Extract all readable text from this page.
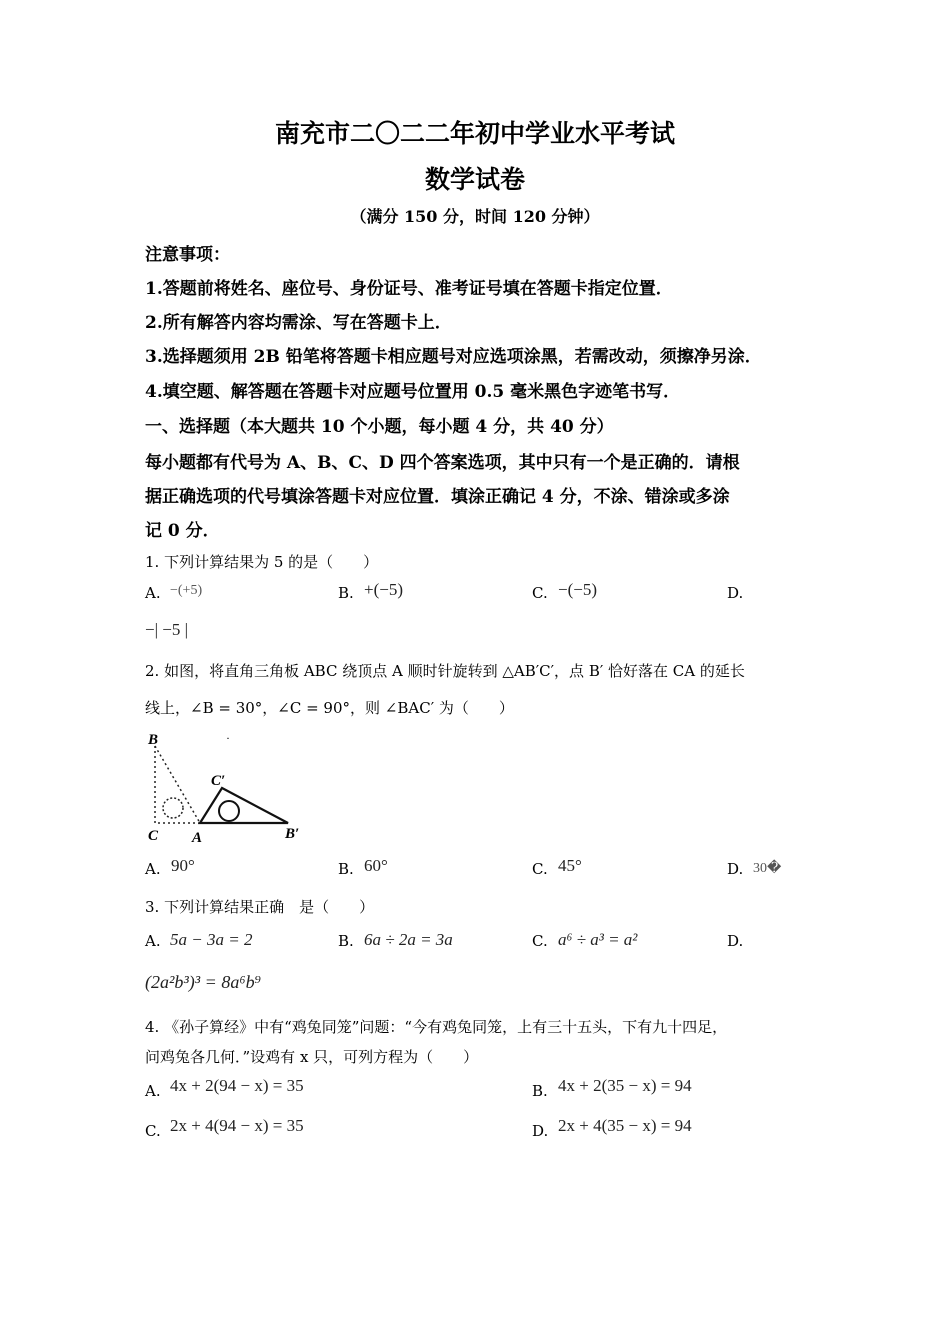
南充市二〇二二年初中学业水平考试
数学试卷
（满分 150 分，时间 120 分钟）
注意事项：
1.答题前将姓名、座位号、身份证号、准考证号填在答题卡指定位置．
2.所有解答内容均需涂、写在答题卡上．
3.选择题须用 2B 铅笔将答题卡相应题号对应选项涂黑，若需改动，须擦净另涂．
4.填空题、解答题在答题卡对应题号位置用 0.5 毫米黑色字迹笔书写．
一、选择题（本大题共 10 个小题，每小题 4 分，共 40 分）
每小题都有代号为 A、B、C、D 四个答案选项，其中只有一个是正确的．请根
据正确选项的代号填涂答题卡对应位置．填涂正确记 4 分，不涂、错涂或多涂
记 0 分．
1. 下列计算结果为 5 的是（　　）
A. −(+5)	B. +(−5)	C. −(−5)	D.
−| −5 |
2. 如图，将直角三角板 ABC 绕顶点 A 顺时针旋转到 △AB′C′，点 B′ 恰好落在 CA 的延长
线上，∠B = 30°，∠C = 90°，则 ∠BAC′ 为（　　）
B
C A
C′
B′
·
A. 90°	B. 60°	C. 45°	D. 30�
3. 下列计算结果正确　是（　　）
A. 5a − 3a = 2	B. 6a ÷ 2a = 3a	C. a⁶ ÷ a³ = a²	D.
(2a²b³)³ = 8a⁶b⁹
4. 《孙子算经》中有“鸡兔同笼”问题：“今有鸡兔同笼，上有三十五头，下有九十四足，
问鸡兔各几何．”设鸡有 x 只，可列方程为（　　）
A. 4x + 2(94 − x) = 35	B. 4x + 2(35 − x) = 94
C. 2x + 4(94 − x) = 35	D. 2x + 4(35 − x) = 94
